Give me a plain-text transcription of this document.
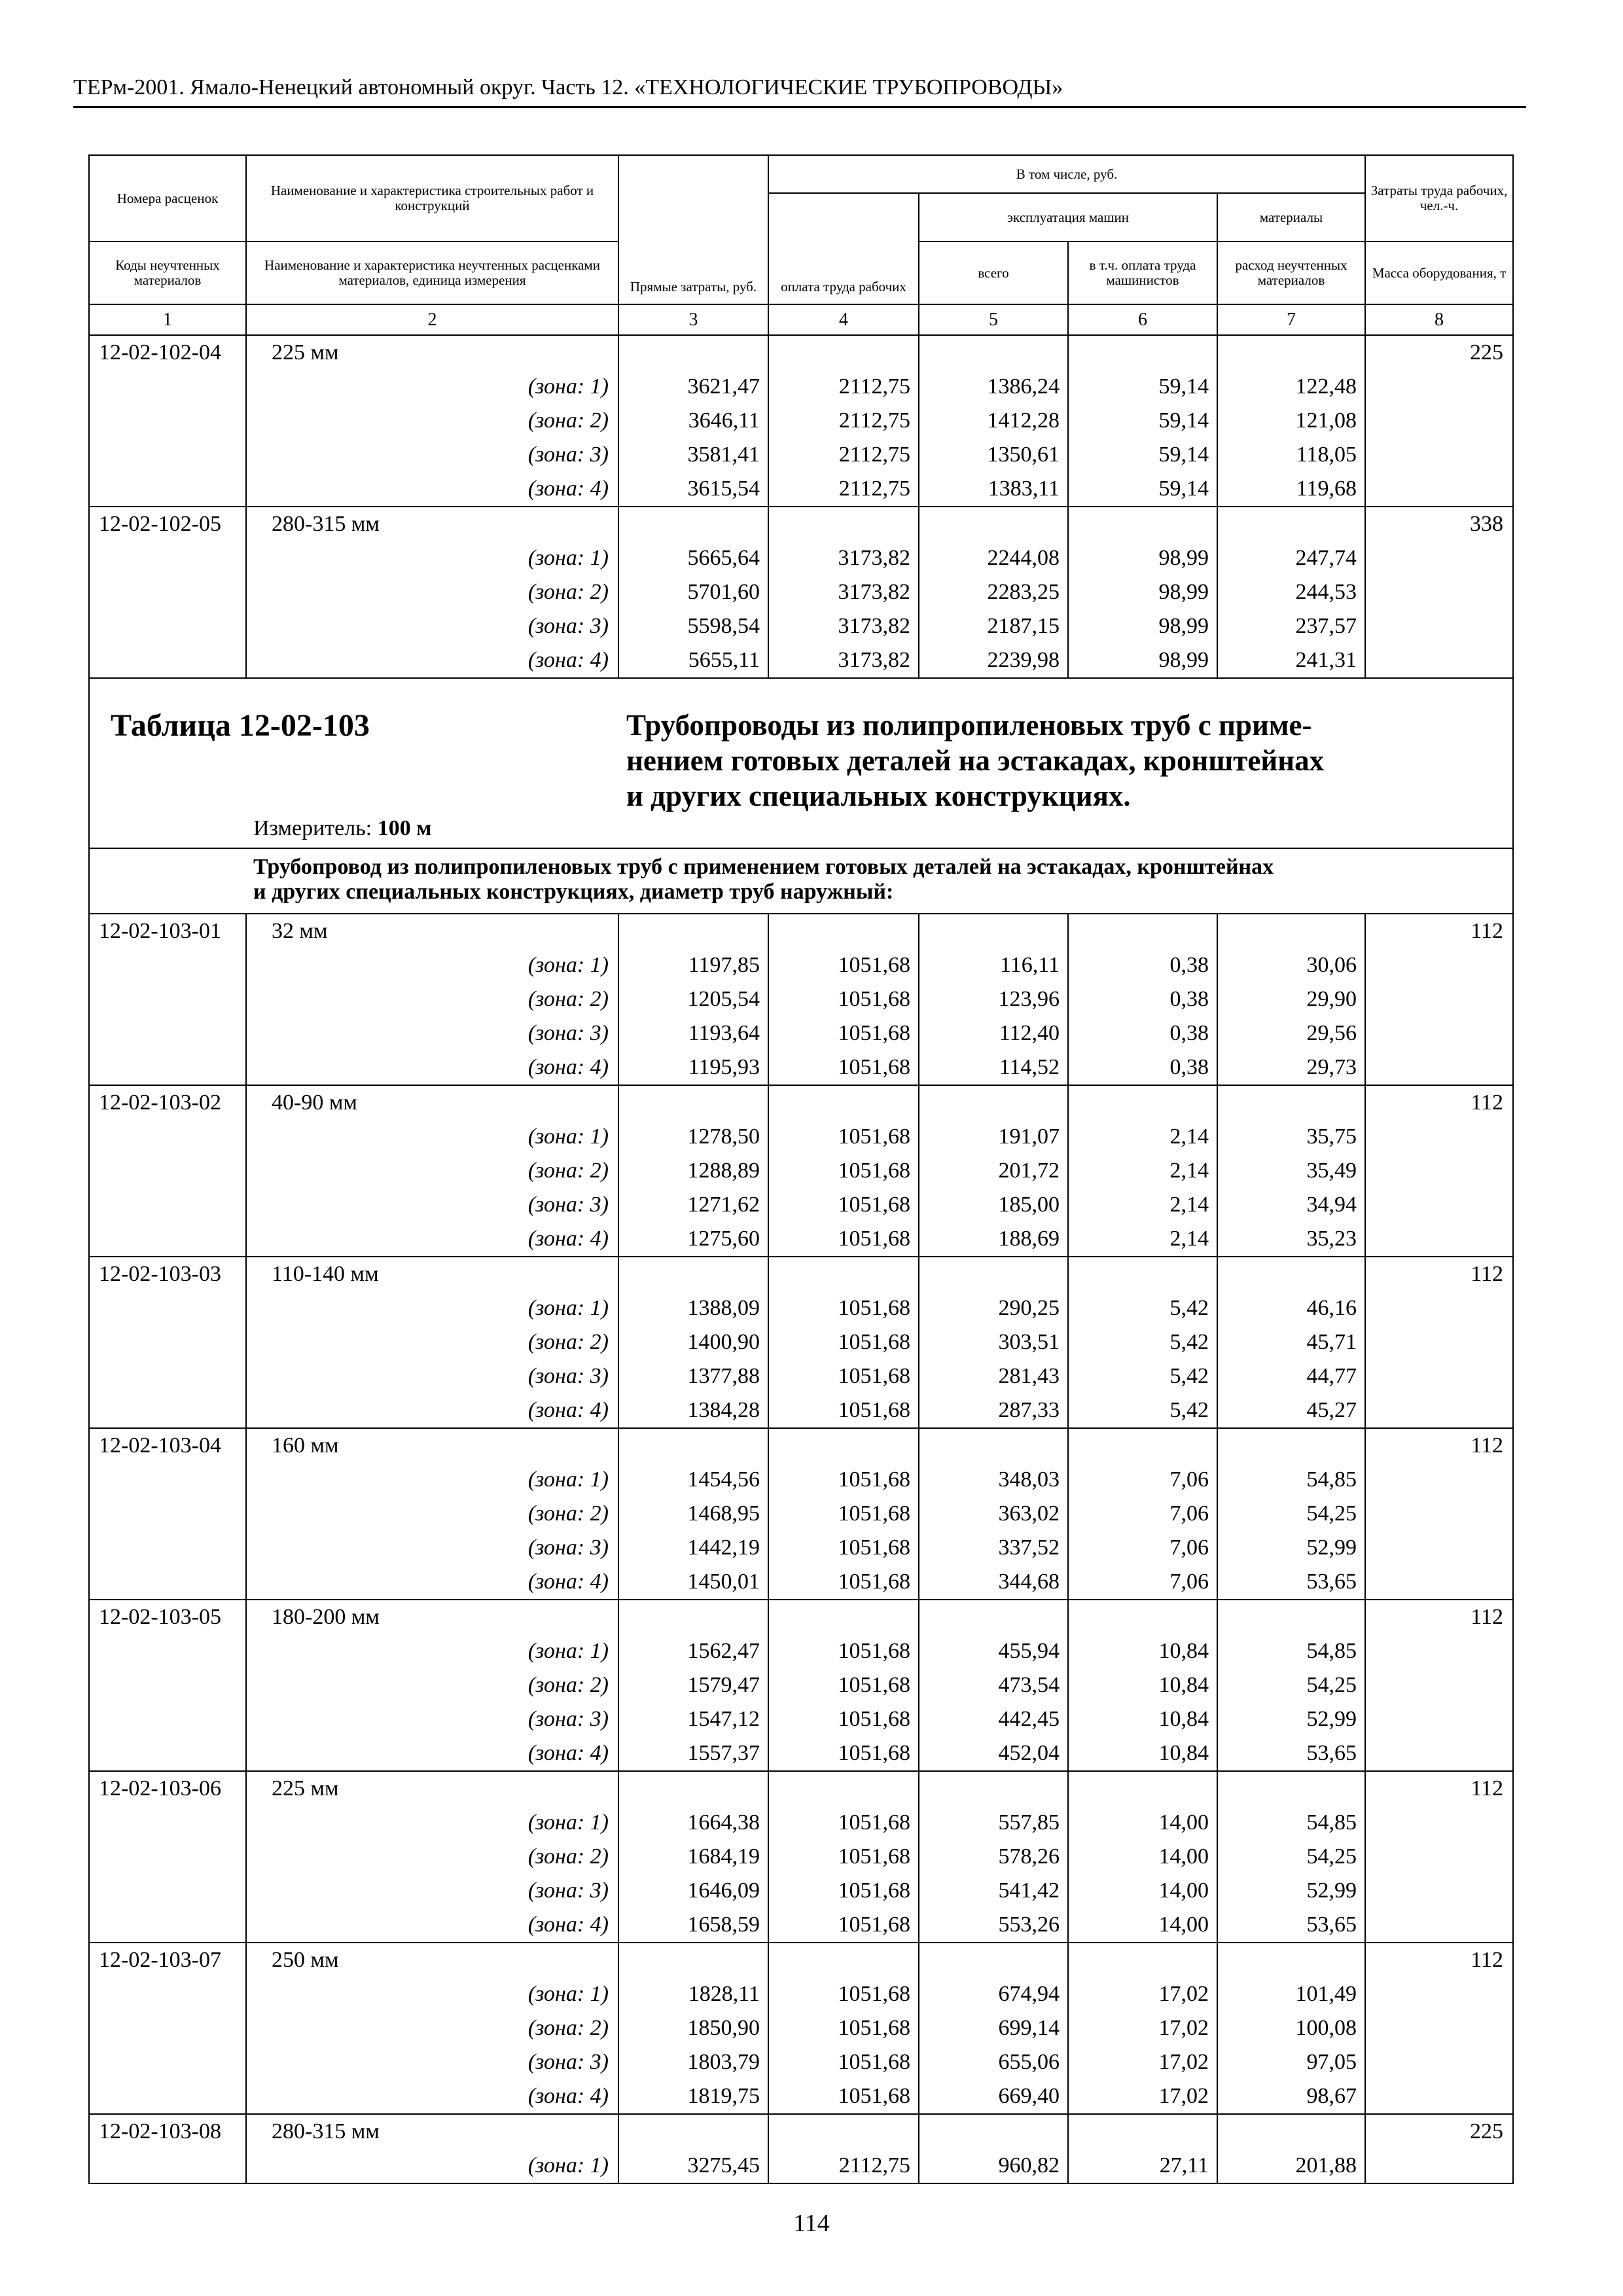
ТЕРм-2001. Ямало-Ненецкий автономный округ. Часть 12. «ТЕХНОЛОГИЧЕСКИЕ ТРУБОПРОВОДЫ»
Номера расценок	Наименование и характеристика строительных работ и конструкций	Прямые затраты, руб.	В том числе, руб.				Затраты труда рабочих, чел.-ч.
			оплата труда рабочих	эксплуатация машин		материалы	
Коды неучтенных материалов	Наименование и характеристика неучтенных расценками материалов, единица измерения			всего	в т.ч. оплата труда машинистов	расход неучтенных материалов	Масса оборудования, т
1	2	3	4	5	6	7	8
12-02-102-04	225 мм						225
	(зона: 1)	3621,47	2112,75	1386,24	59,14	122,48	
	(зона: 2)	3646,11	2112,75	1412,28	59,14	121,08	
	(зона: 3)	3581,41	2112,75	1350,61	59,14	118,05	
	(зона: 4)	3615,54	2112,75	1383,11	59,14	119,68	
12-02-102-05	280-315 мм						338
	(зона: 1)	5665,64	3173,82	2244,08	98,99	247,74	
	(зона: 2)	5701,60	3173,82	2283,25	98,99	244,53	
	(зона: 3)	5598,54	3173,82	2187,15	98,99	237,57	
	(зона: 4)	5655,11	3173,82	2239,98	98,99	241,31	

Таблица 12-02-103 Трубопроводы из полипропиленовых труб с приме-
нением готовых деталей на эстакадах, кронштейнах
и других специальных конструкциях.
Измеритель: 100 м							

Трубопровод из полипропиленовых труб с применением готовых деталей на эстакадах, кронштейнах
и других специальных конструкциях, диаметр труб наружный:							
12-02-103-01	32 мм						112
	(зона: 1)	1197,85	1051,68	116,11	0,38	30,06	
	(зона: 2)	1205,54	1051,68	123,96	0,38	29,90	
	(зона: 3)	1193,64	1051,68	112,40	0,38	29,56	
	(зона: 4)	1195,93	1051,68	114,52	0,38	29,73	
12-02-103-02	40-90 мм						112
	(зона: 1)	1278,50	1051,68	191,07	2,14	35,75	
	(зона: 2)	1288,89	1051,68	201,72	2,14	35,49	
	(зона: 3)	1271,62	1051,68	185,00	2,14	34,94	
	(зона: 4)	1275,60	1051,68	188,69	2,14	35,23	
12-02-103-03	110-140 мм						112
	(зона: 1)	1388,09	1051,68	290,25	5,42	46,16	
	(зона: 2)	1400,90	1051,68	303,51	5,42	45,71	
	(зона: 3)	1377,88	1051,68	281,43	5,42	44,77	
	(зона: 4)	1384,28	1051,68	287,33	5,42	45,27	
12-02-103-04	160 мм						112
	(зона: 1)	1454,56	1051,68	348,03	7,06	54,85	
	(зона: 2)	1468,95	1051,68	363,02	7,06	54,25	
	(зона: 3)	1442,19	1051,68	337,52	7,06	52,99	
	(зона: 4)	1450,01	1051,68	344,68	7,06	53,65	
12-02-103-05	180-200 мм						112
	(зона: 1)	1562,47	1051,68	455,94	10,84	54,85	
	(зона: 2)	1579,47	1051,68	473,54	10,84	54,25	
	(зона: 3)	1547,12	1051,68	442,45	10,84	52,99	
	(зона: 4)	1557,37	1051,68	452,04	10,84	53,65	
12-02-103-06	225 мм						112
	(зона: 1)	1664,38	1051,68	557,85	14,00	54,85	
	(зона: 2)	1684,19	1051,68	578,26	14,00	54,25	
	(зона: 3)	1646,09	1051,68	541,42	14,00	52,99	
	(зона: 4)	1658,59	1051,68	553,26	14,00	53,65	
12-02-103-07	250 мм						112
	(зона: 1)	1828,11	1051,68	674,94	17,02	101,49	
	(зона: 2)	1850,90	1051,68	699,14	17,02	100,08	
	(зона: 3)	1803,79	1051,68	655,06	17,02	97,05	
	(зона: 4)	1819,75	1051,68	669,40	17,02	98,67	
12-02-103-08	280-315 мм						225
	(зона: 1)	3275,45	2112,75	960,82	27,11	201,88	
114
